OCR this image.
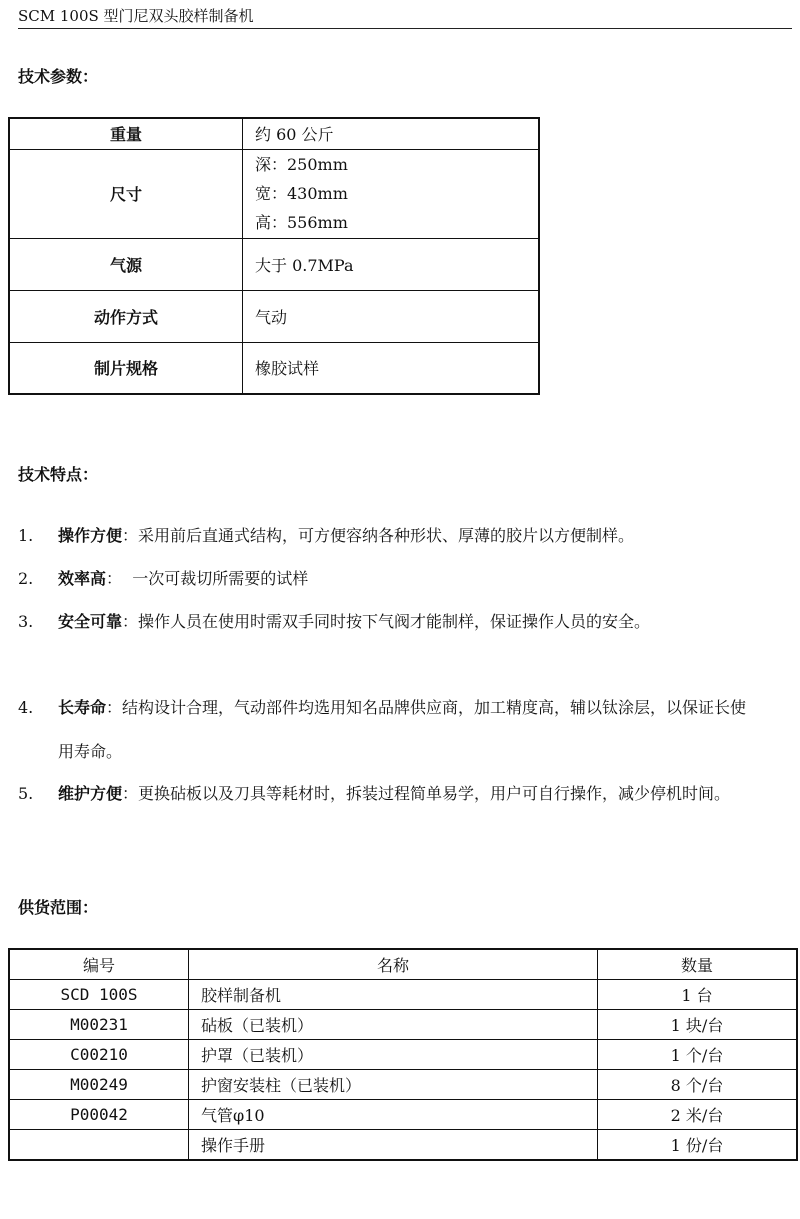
SCM 100S 型门尼双头胶样制备机
技术参数：
重量	约 60 公斤
尺寸	深：250mm
宽：430mm
高：556mm

气源	大于 0.7MPa
动作方式	气动
制片规格	橡胶试样
技术特点：
1. 操作方便：采用前后直通式结构，可方便容纳各种形状、厚薄的胶片以方便制样。
2. 效率高：  一次可裁切所需要的试样
3. 安全可靠：操作人员在使用时需双手同时按下气阀才能制样，保证操作人员的安全。
4. 长寿命：结构设计合理，气动部件均选用知名品牌供应商，加工精度高，辅以钛涂层，以保证长使用寿命。
5. 维护方便：更换砧板以及刀具等耗材时，拆装过程简单易学，用户可自行操作，减少停机时间。
供货范围：
编号	名称	数量
SCD 100S	胶样制备机	1 台
M00231	砧板（已装机）	1 块/台
C00210	护罩（已装机）	1 个/台
M00249	护窗安装柱（已装机）	8 个/台
P00042	气管φ10	2 米/台
	操作手册	1 份/台
